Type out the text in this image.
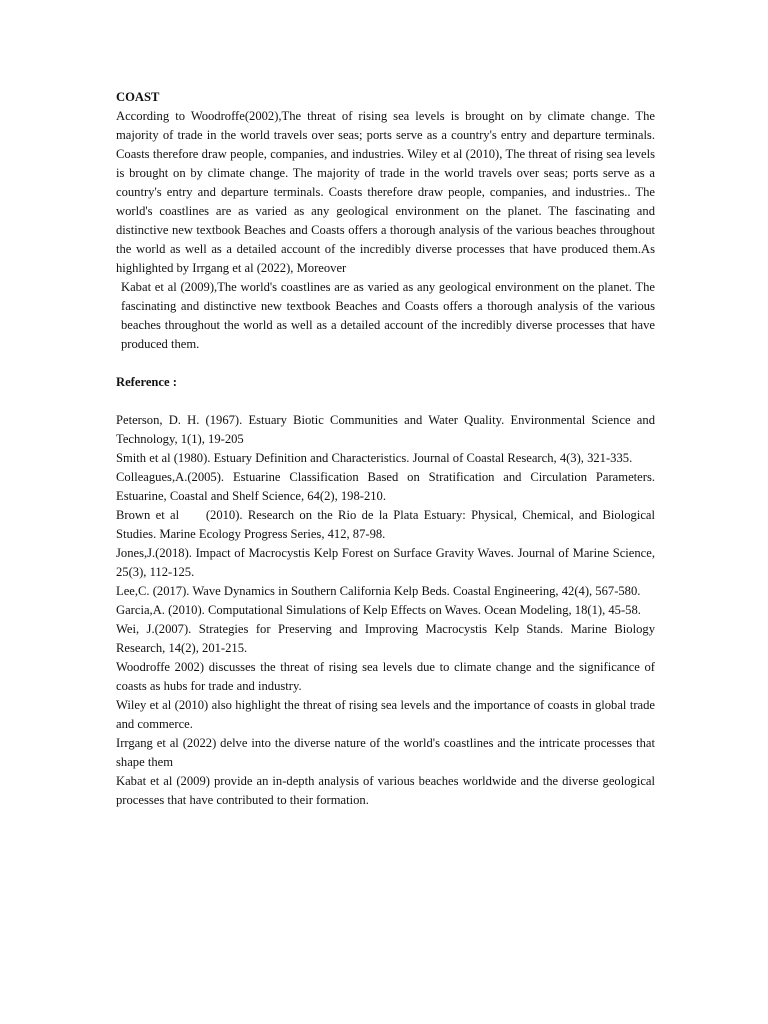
COAST

According to Woodroffe(2002),The threat of rising sea levels is brought on by climate change. The majority of trade in the world travels over seas; ports serve as a country's entry and departure terminals. Coasts therefore draw people, companies, and industries. Wiley et al (2010), The threat of rising sea levels is brought on by climate change. The majority of trade in the world travels over seas; ports serve as a country's entry and departure terminals. Coasts therefore draw people, companies, and industries.. The world's coastlines are as varied as any geological environment on the planet. The fascinating and distinctive new textbook Beaches and Coasts offers a thorough analysis of the various beaches throughout the world as well as a detailed account of the incredibly diverse processes that have produced them.As highlighted by Irrgang et al (2022), Moreover

Kabat et al (2009),The world's coastlines are as varied as any geological environment on the planet. The fascinating and distinctive new textbook Beaches and Coasts offers a thorough analysis of the various beaches throughout the world as well as a detailed account of the incredibly diverse processes that have produced them.

Reference :

Peterson, D. H. (1967). Estuary Biotic Communities and Water Quality. Environmental Science and Technology, 1(1), 19-205
Smith et al (1980). Estuary Definition and Characteristics. Journal of Coastal Research, 4(3), 321-335.
Colleagues,A.(2005). Estuarine Classification Based on Stratification and Circulation Parameters. Estuarine, Coastal and Shelf Science, 64(2), 198-210.
Brown et al     (2010). Research on the Rio de la Plata Estuary: Physical, Chemical, and Biological Studies. Marine Ecology Progress Series, 412, 87-98.
Jones,J.(2018). Impact of Macrocystis Kelp Forest on Surface Gravity Waves. Journal of Marine Science, 25(3), 112-125.
Lee,C. (2017). Wave Dynamics in Southern California Kelp Beds. Coastal Engineering, 42(4), 567-580.
Garcia,A. (2010). Computational Simulations of Kelp Effects on Waves. Ocean Modeling, 18(1), 45-58.
Wei, J.(2007). Strategies for Preserving and Improving Macrocystis Kelp Stands. Marine Biology Research, 14(2), 201-215.
Woodroffe 2002) discusses the threat of rising sea levels due to climate change and the significance of coasts as hubs for trade and industry.
Wiley et al (2010) also highlight the threat of rising sea levels and the importance of coasts in global trade and commerce.
Irrgang et al (2022) delve into the diverse nature of the world's coastlines and the intricate processes that shape them
Kabat et al (2009) provide an in-depth analysis of various beaches worldwide and the diverse geological processes that have contributed to their formation.
